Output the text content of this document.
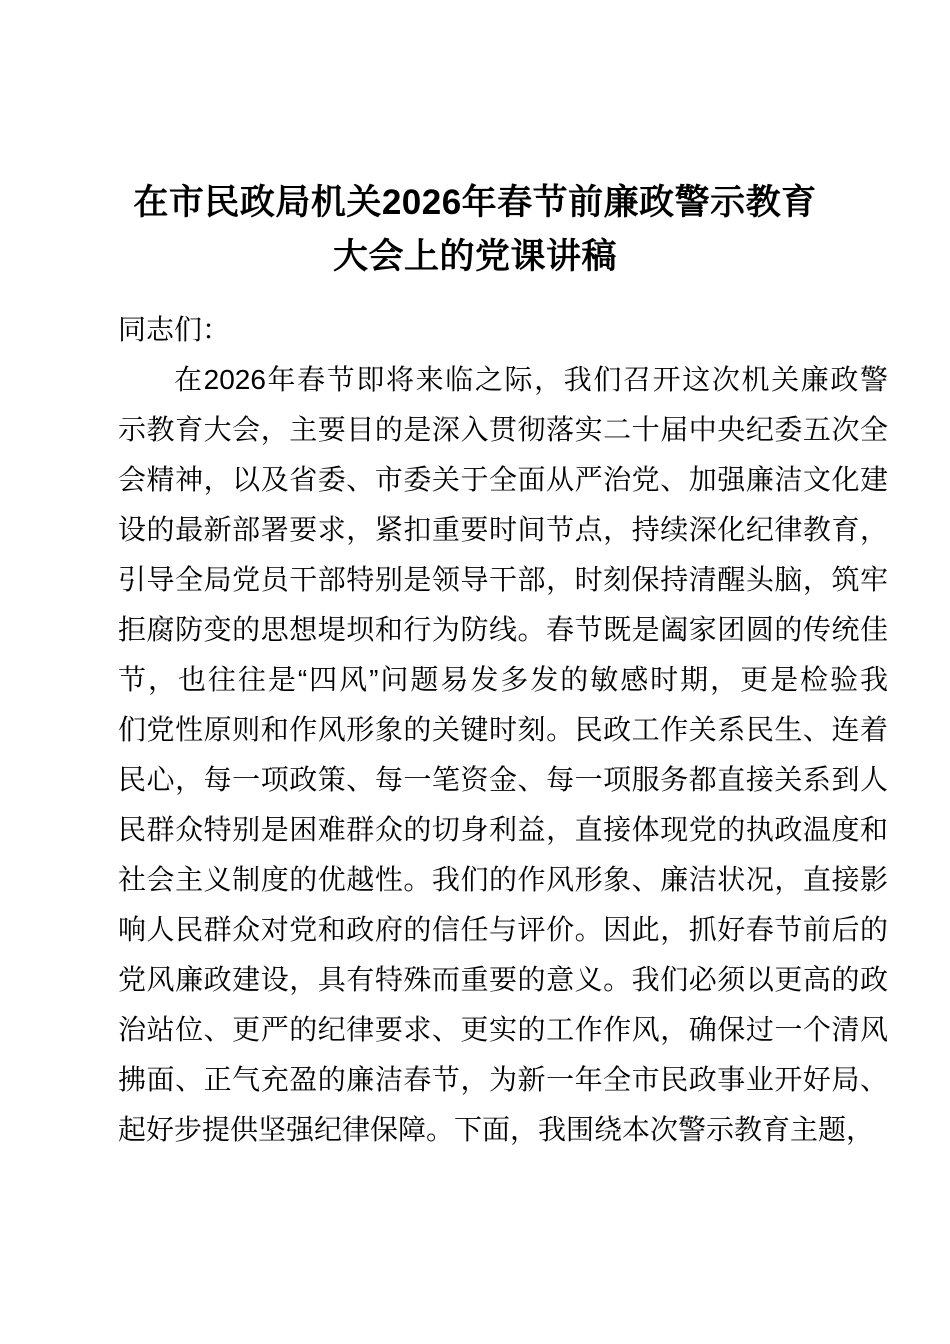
在市民政局机关2026年春节前廉政警示教育
大会上的党课讲稿

同志们：

在2026年春节即将来临之际，我们召开这次机关廉政警
示教育大会，主要目的是深入贯彻落实二十届中央纪委五次全
会精神，以及省委、市委关于全面从严治党、加强廉洁文化建
设的最新部署要求，紧扣重要时间节点，持续深化纪律教育，
引导全局党员干部特别是领导干部，时刻保持清醒头脑，筑牢
拒腐防变的思想堤坝和行为防线。春节既是阖家团圆的传统佳
节，也往往是“四风”问题易发多发的敏感时期，更是检验我
们党性原则和作风形象的关键时刻。民政工作关系民生、连着
民心，每一项政策、每一笔资金、每一项服务都直接关系到人
民群众特别是困难群众的切身利益，直接体现党的执政温度和
社会主义制度的优越性。我们的作风形象、廉洁状况，直接影
响人民群众对党和政府的信任与评价。因此，抓好春节前后的
党风廉政建设，具有特殊而重要的意义。我们必须以更高的政
治站位、更严的纪律要求、更实的工作作风，确保过一个清风
拂面、正气充盈的廉洁春节，为新一年全市民政事业开好局、
起好步提供坚强纪律保障。下面，我围绕本次警示教育主题，
